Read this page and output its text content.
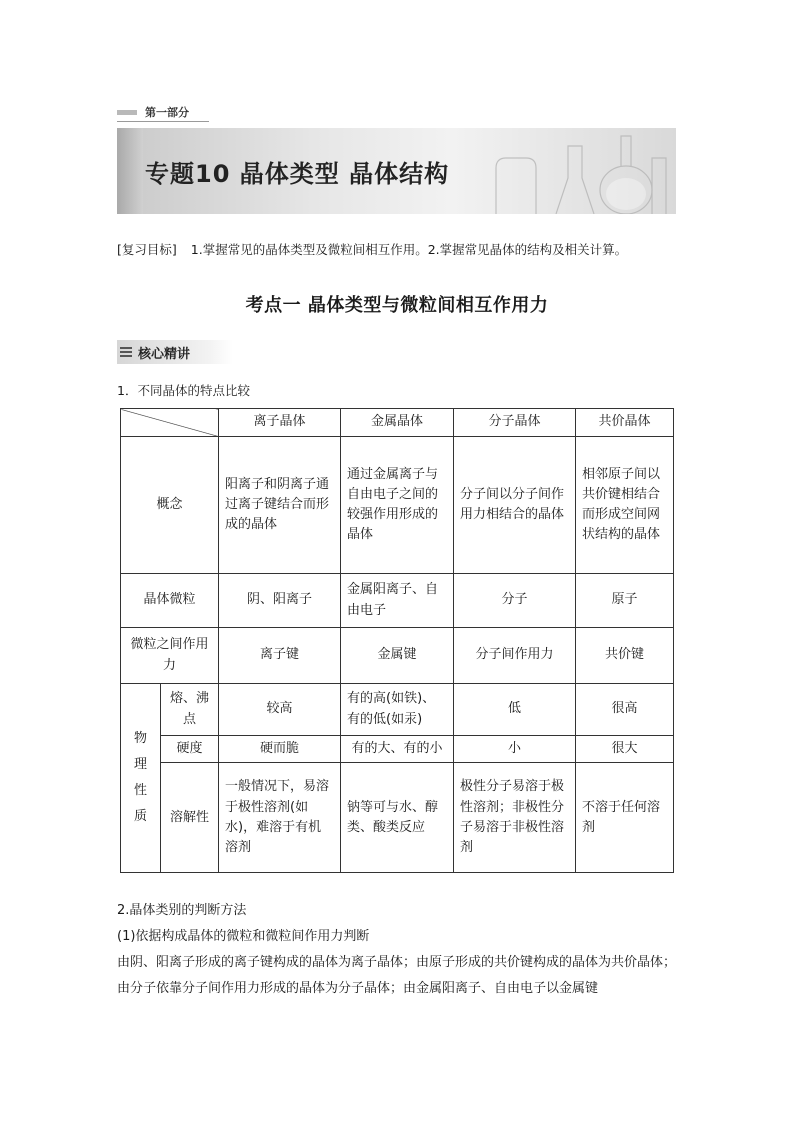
第一部分
专题10 晶体类型 晶体结构
[复习目标] 1.掌握常见的晶体类型及微粒间相互作用。2.掌握常见晶体的结构及相关计算。
考点一 晶体类型与微粒间相互作用力
核心精讲
1．不同晶体的特点比较
		离子晶体	金属晶体	分子晶体	共价晶体
概念		阳离子和阴离子通过离子键结合而形成的晶体	通过金属离子与自由电子之间的较强作用形成的晶体	分子间以分子间作用力相结合的晶体	相邻原子间以共价键相结合而形成空间网状结构的晶体
晶体微粒		阴、阳离子	金属阳离子、自由电子	分子	原子
微粒之间作用力		离子键	金属键	分子间作用力	共价键
物理性质	熔、沸点	较高	有的高(如铁)、有的低(如汞)	低	很高
	硬度	硬而脆	有的大、有的小	小	很大
	溶解性	一般情况下，易溶于极性溶剂(如水)，难溶于有机溶剂	钠等可与水、醇类、酸类反应	极性分子易溶于极性溶剂；非极性分子易溶于非极性溶剂	不溶于任何溶剂
2.晶体类别的判断方法
(1)依据构成晶体的微粒和微粒间作用力判断
由阴、阳离子形成的离子键构成的晶体为离子晶体；由原子形成的共价键构成的晶体为共价晶体；由分子依靠分子间作用力形成的晶体为分子晶体；由金属阳离子、自由电子以金属键
